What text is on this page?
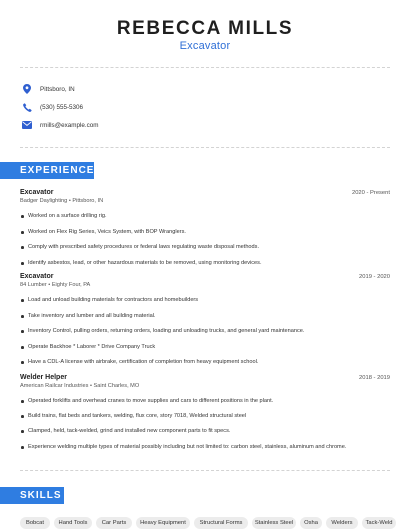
REBECCA MILLS
Excavator
Pittsboro, IN
(530) 555-5306
rmills@example.com
EXPERIENCE
Excavator	2020 - Present
Badger Daylighting • Pittsboro, IN
Worked on a surface drilling rig.
Worked on Flex Rig Series, Veics System, with BOP Wranglers.
Comply with prescribed safety procedures or federal laws regulating waste disposal methods.
Identify asbestos, lead, or other hazardous materials to be removed, using monitoring devices.
Excavator	2019 - 2020
84 Lumber • Eighty Four, PA
Load and unload building materials for contractors and homebuilders
Take inventory and lumber and all building material.
Inventory Control, pulling orders, returning orders, loading and unloading trucks, and general yard maintenance.
Operate Backhoe * Laborer * Drive Company Truck
Have a CDL-A license with airbrake, certification of completion from heavy equipment school.
Welder Helper	2018 - 2019
American Railcar Industries • Saint Charles, MO
Operated forklifts and overhead cranes to move supplies and cars to different positions in the plant.
Build trains, flat beds and tankers, welding, flux core, story 7018, Welded structural steel
Clamped, held, tack-welded, grind and installed new component parts to fit specs.
Experience welding multiple types of material possibly including but not limited to: carbon steel, stainless, aluminum and chrome.
SKILLS
Bobcat	Hand Tools	Car Parts	Heavy Equipment	Structural Forms	Stainless Steel	Osha	Welders	Tack-Weld
